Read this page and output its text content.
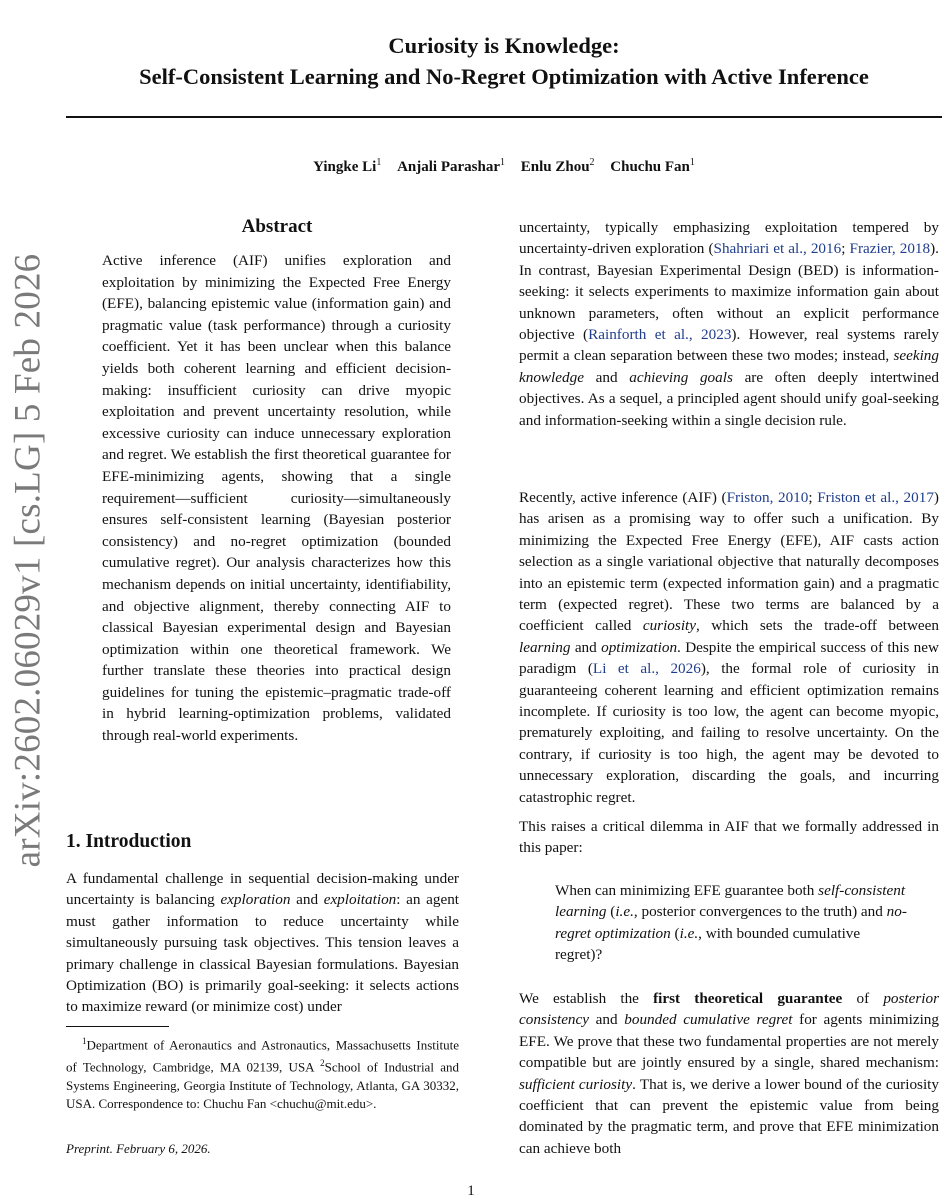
arXiv:2602.06029v1 [cs.LG] 5 Feb 2026
Curiosity is Knowledge:
Self-Consistent Learning and No-Regret Optimization with Active Inference
Yingke Li$^1$ Anjali Parashar$^1$ Enlu Zhou$^2$ Chuchu Fan$^1$
Abstract
Active inference (AIF) unifies exploration and exploitation by minimizing the Expected Free Energy (EFE), balancing epistemic value (information gain) and pragmatic value (task performance) through a curiosity coefficient. Yet it has been unclear when this balance yields both coherent learning and efficient decision-making: insufficient curiosity can drive myopic exploitation and prevent uncertainty resolution, while excessive curiosity can induce unnecessary exploration and regret. We establish the first theoretical guarantee for EFE-minimizing agents, showing that a single requirement—sufficient curiosity—simultaneously ensures self-consistent learning (Bayesian posterior consistency) and no-regret optimization (bounded cumulative regret). Our analysis characterizes how this mechanism depends on initial uncertainty, identifiability, and objective alignment, thereby connecting AIF to classical Bayesian experimental design and Bayesian optimization within one theoretical framework. We further translate these theories into practical design guidelines for tuning the epistemic–pragmatic trade-off in hybrid learning-optimization problems, validated through real-world experiments.
1. Introduction

A fundamental challenge in sequential decision-making under uncertainty is balancing exploration and exploitation: an agent must gather information to reduce uncertainty while simultaneously pursuing task objectives. This tension leaves a primary challenge in classical Bayesian formulations. Bayesian Optimization (BO) is primarily goal-seeking: it selects actions to maximize reward (or minimize cost) under

$^1$Department of Aeronautics and Astronautics, Massachusetts Institute of Technology, Cambridge, MA 02139, USA $^2$School of Industrial and Systems Engineering, Georgia Institute of Technology, Atlanta, GA 30332, USA. Correspondence to: Chuchu Fan <chuchu@mit.edu>.
Preprint. February 6, 2026.

uncertainty, typically emphasizing exploitation tempered by uncertainty-driven exploration (Shahriari et al., 2016; Frazier, 2018). In contrast, Bayesian Experimental Design (BED) is information-seeking: it selects experiments to maximize information gain about unknown parameters, often without an explicit performance objective (Rainforth et al., 2023). However, real systems rarely permit a clean separation between these two modes; instead, seeking knowledge and achieving goals are often deeply intertwined objectives. As a sequel, a principled agent should unify goal-seeking and information-seeking within a single decision rule.

Recently, active inference (AIF) (Friston, 2010; Friston et al., 2017) has arisen as a promising way to offer such a unification. By minimizing the Expected Free Energy (EFE), AIF casts action selection as a single variational objective that naturally decomposes into an epistemic term (expected information gain) and a pragmatic term (expected regret). These two terms are balanced by a coefficient called curiosity, which sets the trade-off between learning and optimization. Despite the empirical success of this new paradigm (Li et al., 2026), the formal role of curiosity in guaranteeing coherent learning and efficient optimization remains incomplete. If curiosity is too low, the agent can become myopic, prematurely exploiting, and failing to resolve uncertainty. On the contrary, if curiosity is too high, the agent may be devoted to unnecessary exploration, discarding the goals, and incurring catastrophic regret.

This raises a critical dilemma in AIF that we formally addressed in this paper:
When can minimizing EFE guarantee both self-consistent learning (i.e., posterior convergences to the truth) and no-regret optimization (i.e., with bounded cumulative regret)?

We establish the first theoretical guarantee of posterior consistency and bounded cumulative regret for agents minimizing EFE. We prove that these two fundamental properties are not merely compatible but are jointly ensured by a single, shared mechanism: sufficient curiosity. That is, we derive a lower bound of the curiosity coefficient that can prevent the epistemic value from being dominated by the pragmatic term, and prove that EFE minimization can achieve both

1
